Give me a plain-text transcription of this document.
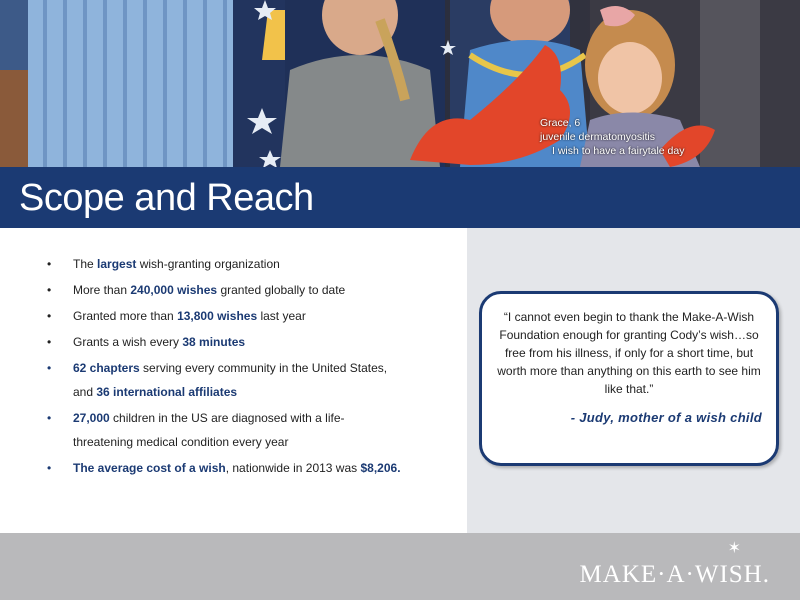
Grace, 6
juvenile dermatomyositis
I wish to have a fairytale day
Scope and Reach
• The largest wish-granting organization
• More than 240,000 wishes granted globally to date
• Granted more than 13,800 wishes last year
• Grants a wish every 38 minutes
• 62 chapters serving every community in the United States, and 36 international affiliates
• 27,000 children in the US are diagnosed with a life-threatening medical condition every year
• The average cost of a wish, nationwide in 2013 was $8,206.

“I cannot even begin to thank the Make-A-Wish Foundation enough for granting Cody’s wish…so free from his illness, if only for a short time, but worth more than anything on this earth to see him like that.”

- Judy, mother of a wish child

✶
MAKE·A·WISH.
